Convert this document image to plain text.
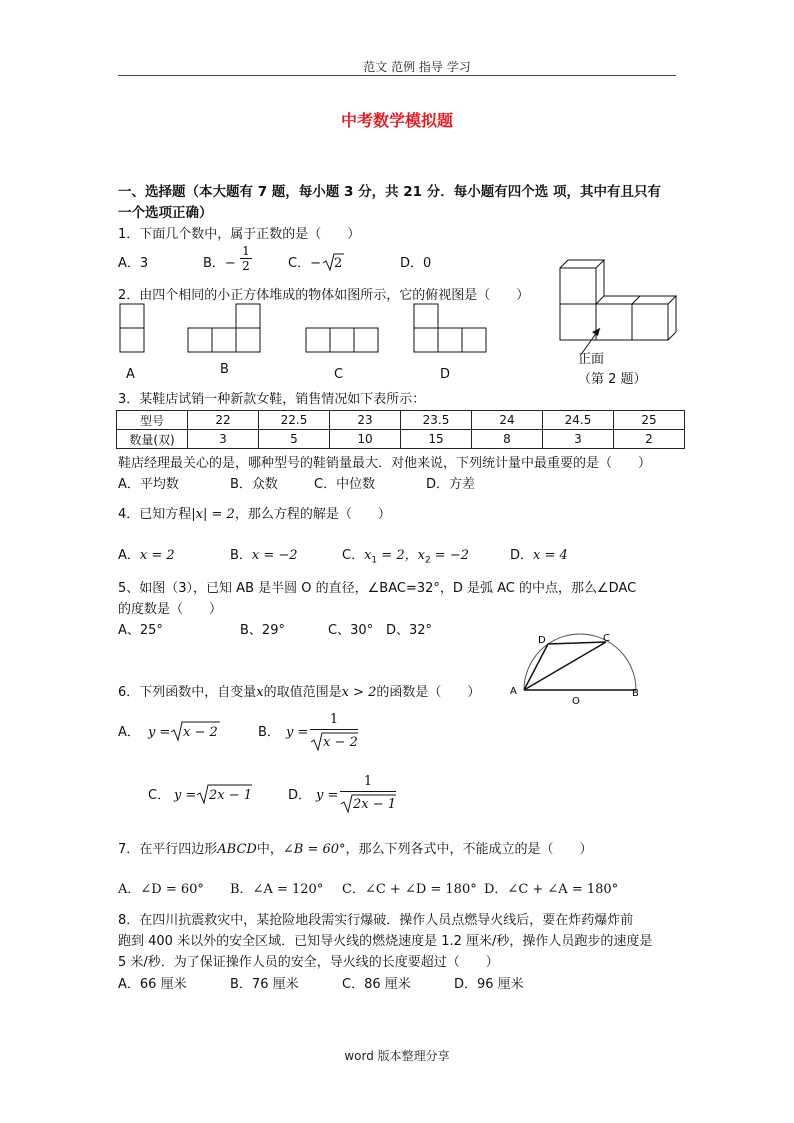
范文 范例 指导 学习
中考数学模拟题
一、选择题（本大题有 7 题，每小题 3 分，共 21 分．每小题有四个选 项，其中有且只有
一个选项正确）
1．下面几个数中，属于正数的是（　　）
A．3	B．− $\frac{1}{2}$	C．− 2	D．0
2．由四个相同的小正方体堆成的物体如图所示，它的俯视图是（　　）
A	B	C	D
正面
（第 2 题）
3．某鞋店试销一种新款女鞋，销售情况如下表所示：
型号	22	22.5	23	23.5	24	24.5	25
数量(双)	3	5	10	15	8	3	2
鞋店经理最关心的是，哪种型号的鞋销量最大．对他来说，下列统计量中最重要的是（　　）
A．平均数	B．众数	C．中位数	D．方差
4．已知方程|x| = 2，那么方程的解是（　　）
A．x = 2	B．x = −2	C．$x_1 = 2$，$x_2 = -2$	D．x = 4
5、如图（3），已知 AB 是半圆 O 的直径，∠BAC=32°，D 是弧 AC 的中点，那么∠DAC
的度数是（　　）
A、25°	B、29°	C、30° D、32°
D	C
A	B
O
6．下列函数中，自变量x的取值范围是x > 2的函数是（　　）
A． y = x − 2	B． y =
1
x − 2
C． y = 2x − 1	D． y =
1
2x − 1
7．在平行四边形ABCD中，∠B = 60°，那么下列各式中，不能成立的是（　　）
A．∠D = 60° B．∠A = 120° C．∠C + ∠D = 180° D．∠C + ∠A = 180°
8．在四川抗震救灾中，某抢险地段需实行爆破．操作人员点燃导火线后，要在炸药爆炸前
跑到 400 米以外的安全区域．已知导火线的燃烧速度是 1.2 厘米/秒，操作人员跑步的速度是
5 米/秒．为了保证操作人员的安全，导火线的长度要超过（　　）
A．66 厘米	B．76 厘米	C．86 厘米	D．96 厘米
word 版本整理分享
